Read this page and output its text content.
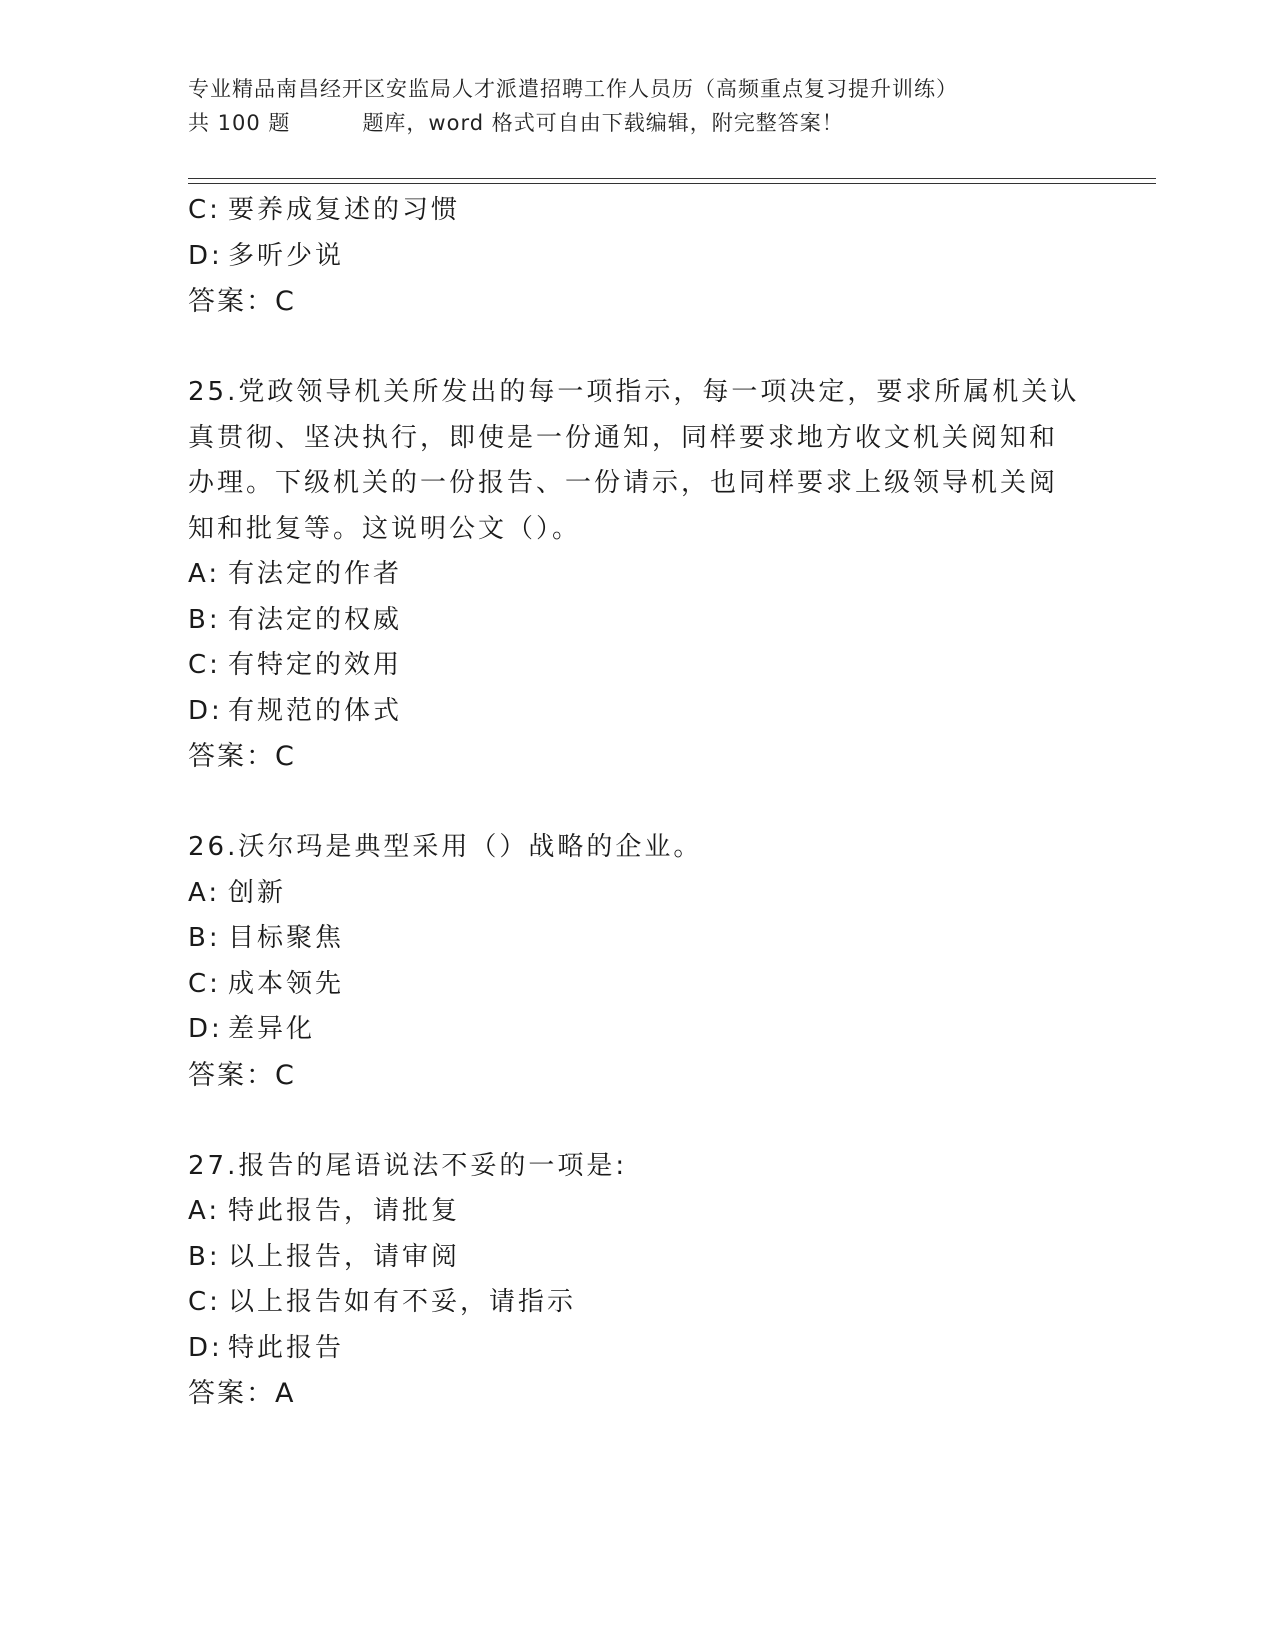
专业精品南昌经开区安监局人才派遣招聘工作人员历（高频重点复习提升训练）
共 100 题	题库，word 格式可自由下载编辑，附完整答案！
C: 要养成复述的习惯
D: 多听少说
答案：C
25.党政领导机关所发出的每一项指示，每一项决定，要求所属机关认
真贯彻、坚决执行，即使是一份通知，同样要求地方收文机关阅知和
办理。下级机关的一份报告、一份请示，也同样要求上级领导机关阅
知和批复等。这说明公文（）。
A: 有法定的作者
B: 有法定的权威
C: 有特定的效用
D: 有规范的体式
答案：C
26.沃尔玛是典型采用（）战略的企业。
A: 创新
B: 目标聚焦
C: 成本领先
D: 差异化
答案：C
27.报告的尾语说法不妥的一项是:
A: 特此报告，请批复
B: 以上报告，请审阅
C: 以上报告如有不妥，请指示
D: 特此报告
答案：A
